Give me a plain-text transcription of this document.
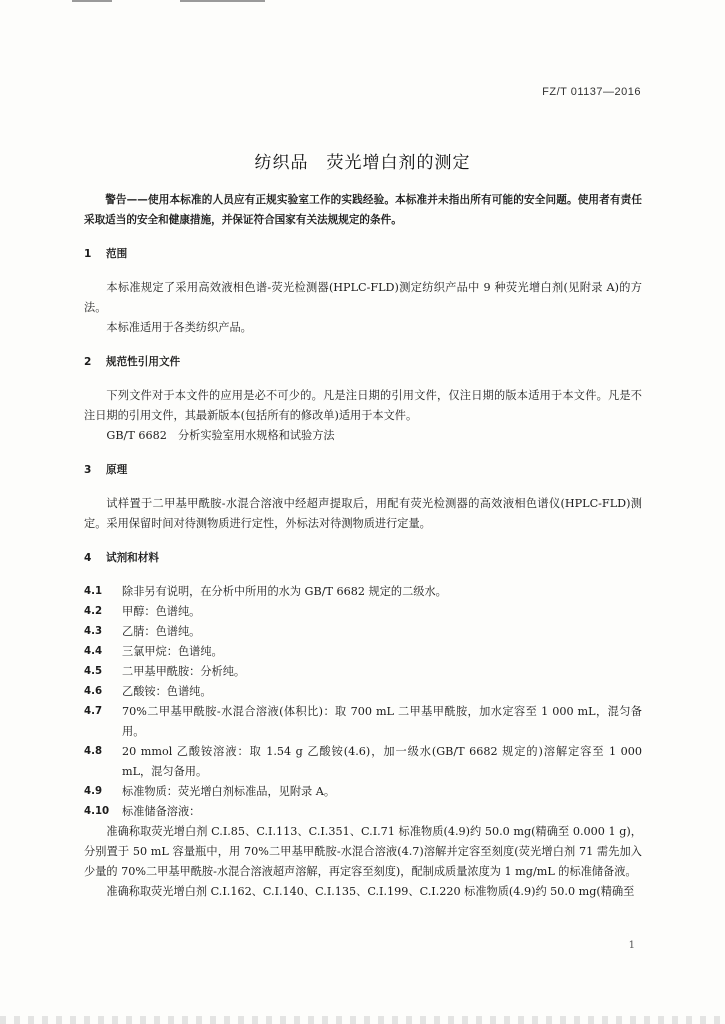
FZ/T 01137—2016
纺织品　荧光增白剂的测定

警告——使用本标准的人员应有正规实验室工作的实践经验。本标准并未指出所有可能的安全问题。使用者有责任采取适当的安全和健康措施，并保证符合国家有关法规规定的条件。

1 范围

本标准规定了采用高效液相色谱-荧光检测器(HPLC-FLD)测定纺织产品中 9 种荧光增白剂(见附录 A)的方法。

本标准适用于各类纺织产品。

2 规范性引用文件

下列文件对于本文件的应用是必不可少的。凡是注日期的引用文件，仅注日期的版本适用于本文件。凡是不注日期的引用文件，其最新版本(包括所有的修改单)适用于本文件。

GB/T 6682　分析实验室用水规格和试验方法

3 原理

试样置于二甲基甲酰胺-水混合溶液中经超声提取后，用配有荧光检测器的高效液相色谱仪(HPLC-FLD)测定。采用保留时间对待测物质进行定性，外标法对待测物质进行定量。

4 试剂和材料
4.1	除非另有说明，在分析中所用的水为 GB/T 6682 规定的二级水。
4.2	甲醇：色谱纯。
4.3	乙腈：色谱纯。
4.4	三氯甲烷：色谱纯。
4.5	二甲基甲酰胺：分析纯。
4.6	乙酸铵：色谱纯。
4.7	70%二甲基甲酰胺-水混合溶液(体积比)：取 700 mL 二甲基甲酰胺，加水定容至 1 000 mL，混匀备用。
4.8	20 mmol 乙酸铵溶液：取 1.54 g 乙酸铵(4.6)，加一级水(GB/T 6682 规定的)溶解定容至 1 000 mL，混匀备用。
4.9	标准物质：荧光增白剂标准品，见附录 A。
4.10	标准储备溶液：

准确称取荧光增白剂 C.I.85、C.I.113、C.I.351、C.I.71 标准物质(4.9)约 50.0 mg(精确至 0.000 1 g)，分别置于 50 mL 容量瓶中，用 70%二甲基甲酰胺-水混合溶液(4.7)溶解并定容至刻度(荧光增白剂 71 需先加入少量的 70%二甲基甲酰胺-水混合溶液超声溶解，再定容至刻度)，配制成质量浓度为 1 mg/mL 的标准储备液。

准确称取荧光增白剂 C.I.162、C.I.140、C.I.135、C.I.199、C.I.220 标准物质(4.9)约 50.0 mg(精确至

1
